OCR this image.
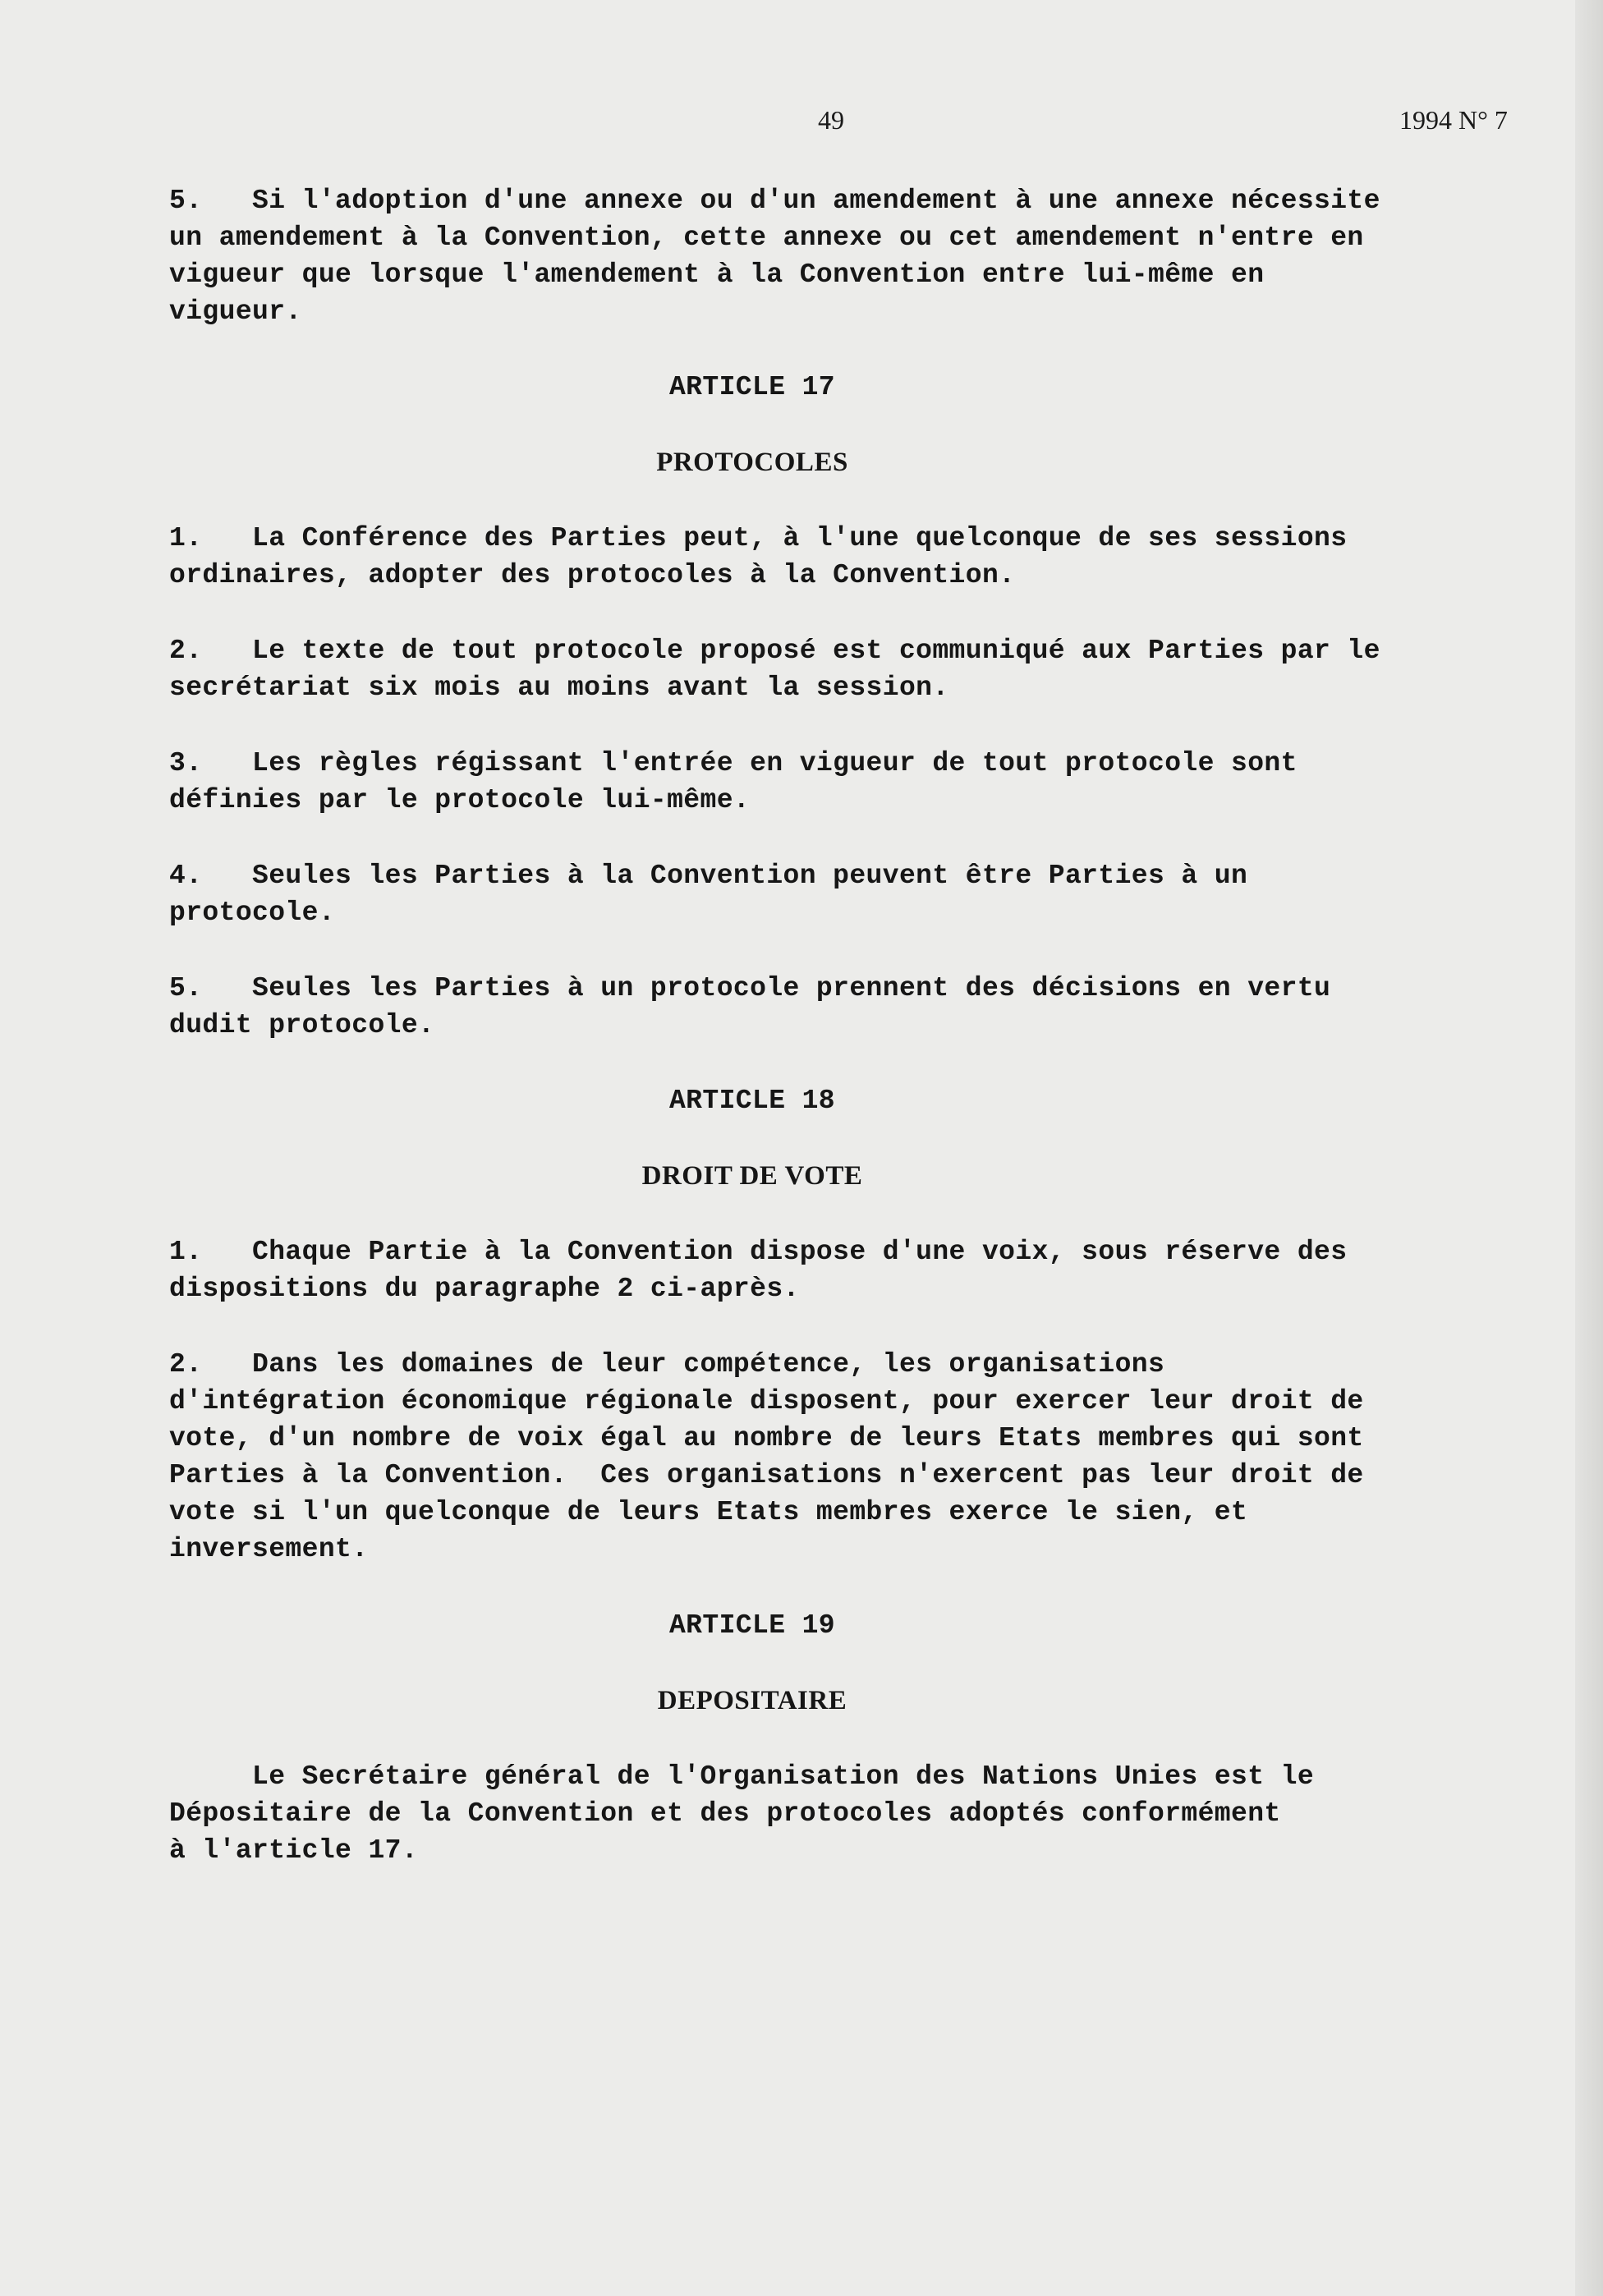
49	1994 N° 7

5.   Si l'adoption d'une annexe ou d'un amendement à une annexe nécessite
un amendement à la Convention, cette annexe ou cet amendement n'entre en
vigueur que lorsque l'amendement à la Convention entre lui-même en
vigueur.

ARTICLE 17
PROTOCOLES

1.   La Conférence des Parties peut, à l'une quelconque de ses sessions
ordinaires, adopter des protocoles à la Convention.

2.   Le texte de tout protocole proposé est communiqué aux Parties par le
secrétariat six mois au moins avant la session.

3.   Les règles régissant l'entrée en vigueur de tout protocole sont
définies par le protocole lui-même.

4.   Seules les Parties à la Convention peuvent être Parties à un
protocole.

5.   Seules les Parties à un protocole prennent des décisions en vertu
dudit protocole.

ARTICLE 18
DROIT DE VOTE

1.   Chaque Partie à la Convention dispose d'une voix, sous réserve des
dispositions du paragraphe 2 ci-après.

2.   Dans les domaines de leur compétence, les organisations
d'intégration économique régionale disposent, pour exercer leur droit de
vote, d'un nombre de voix égal au nombre de leurs Etats membres qui sont
Parties à la Convention.  Ces organisations n'exercent pas leur droit de
vote si l'un quelconque de leurs Etats membres exerce le sien, et
inversement.

ARTICLE 19
DEPOSITAIRE

Le Secrétaire général de l'Organisation des Nations Unies est le
Dépositaire de la Convention et des protocoles adoptés conformément
à l'article 17.
